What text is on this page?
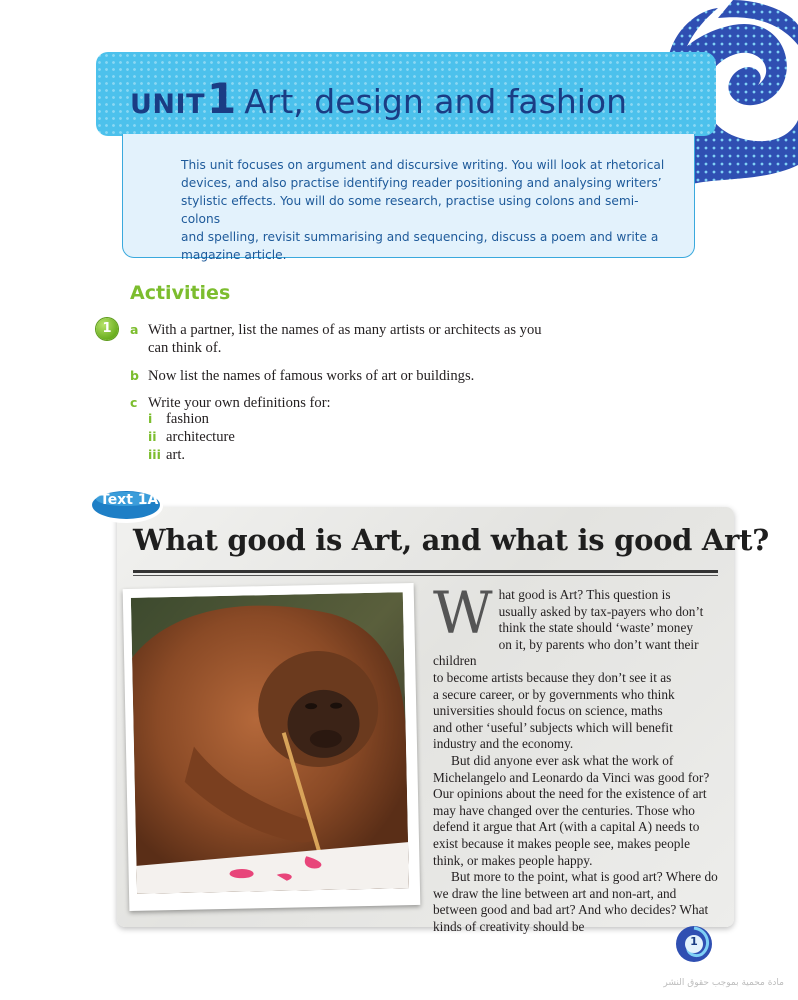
UNIT1 Art, design and fashion
This unit focuses on argument and discursive writing. You will look at rhetorical
devices, and also practise identifying reader positioning and analysing writers’
stylistic effects. You will do some research, practise using colons and semi-colons
and spelling, revisit summarising and sequencing, discuss a poem and write a
magazine article.
Activities
1	a With a partner, list the names of as many artists or architects as you
can think of.
b Now list the names of famous works of art or buildings.
c Write your own definitions for:
i fashion
ii architecture
iii art.
Text 1A
What good is Art, and what is good Art?
W hat good is Art? This question is
usually asked by tax-payers who don’t
think the state should ‘waste’ money
on it, by parents who don’t want their children
to become artists because they don’t see it as
a secure career, or by governments who think
universities should focus on science, maths
and other ‘useful’ subjects which will benefit
industry and the economy.

But did anyone ever ask what the work of Michelangelo and Leonardo da Vinci was good for? Our opinions about the need for the existence of art may have changed over the centuries. Those who defend it argue that Art (with a capital A) needs to exist because it makes people see, makes people think, or makes people happy.

But more to the point, what is good art? Where do we draw the line between art and non-art, and between good and bad art? And who decides? What kinds of creativity should be

1
مادة محمية بموجب حقوق النشر
